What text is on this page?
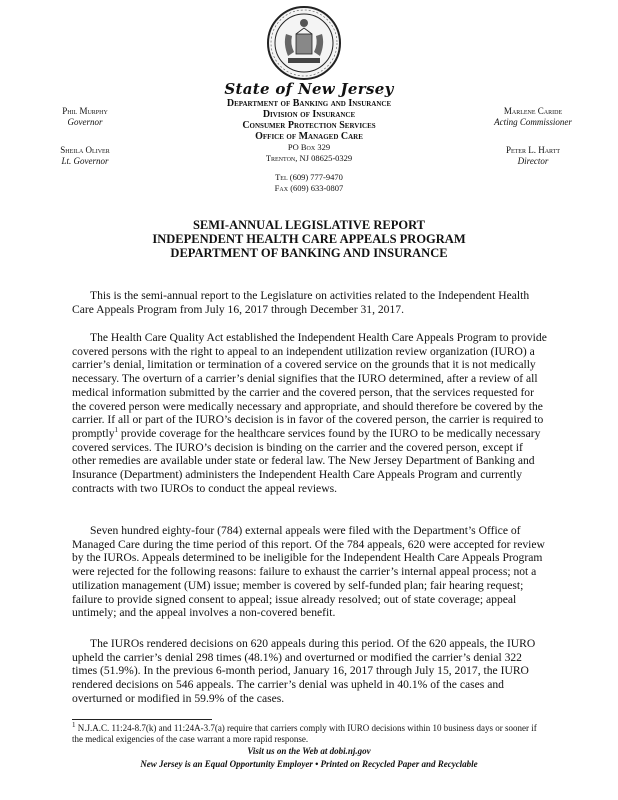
State of New Jersey
Department of Banking and Insurance
Division of Insurance
Consumer Protection Services
Office of Managed Care
PO Box 329
Trenton, NJ 08625-0329
Tel (609) 777-9470
Fax (609) 633-0807
Phil Murphy
Governor
Sheila Oliver
Lt. Governor
Marlene Caride
Acting Commissioner
Peter L. Hartt
Director
SEMI-ANNUAL LEGISLATIVE REPORT
INDEPENDENT HEALTH CARE APPEALS PROGRAM
DEPARTMENT OF BANKING AND INSURANCE
This is the semi-annual report to the Legislature on activities related to the Independent Health Care Appeals Program from July 16, 2017 through December 31, 2017.
The Health Care Quality Act established the Independent Health Care Appeals Program to provide covered persons with the right to appeal to an independent utilization review organization (IURO) a carrier’s denial, limitation or termination of a covered service on the grounds that it is not medically necessary. The overturn of a carrier’s denial signifies that the IURO determined, after a review of all medical information submitted by the carrier and the covered person, that the services requested for the covered person were medically necessary and appropriate, and should therefore be covered by the carrier. If all or part of the IURO’s decision is in favor of the covered person, the carrier is required to promptly$^1$ provide coverage for the healthcare services found by the IURO to be medically necessary covered services. The IURO’s decision is binding on the carrier and the covered person, except if other remedies are available under state or federal law. The New Jersey Department of Banking and Insurance (Department) administers the Independent Health Care Appeals Program and currently contracts with two IUROs to conduct the appeal reviews.
Seven hundred eighty-four (784) external appeals were filed with the Department’s Office of Managed Care during the time period of this report. Of the 784 appeals, 620 were accepted for review by the IUROs. Appeals determined to be ineligible for the Independent Health Care Appeals Program were rejected for the following reasons: failure to exhaust the carrier’s internal appeal process; not a utilization management (UM) issue; member is covered by self-funded plan; fair hearing request; failure to provide signed consent to appeal; issue already resolved; out of state coverage; appeal untimely; and the appeal involves a non-covered benefit.
The IUROs rendered decisions on 620 appeals during this period. Of the 620 appeals, the IURO upheld the carrier’s denial 298 times (48.1%) and overturned or modified the carrier’s denial 322 times (51.9%). In the previous 6-month period, January 16, 2017 through July 15, 2017, the IURO rendered decisions on 546 appeals. The carrier’s denial was upheld in 40.1% of the cases and overturned or modified in 59.9% of the cases.
$^1$ N.J.A.C. 11:24-8.7(k) and 11:24A-3.7(a) require that carriers comply with IURO decisions within 10 business days or sooner if the medical exigencies of the case warrant a more rapid response.
Visit us on the Web at dobi.nj.gov
New Jersey is an Equal Opportunity Employer • Printed on Recycled Paper and Recyclable
